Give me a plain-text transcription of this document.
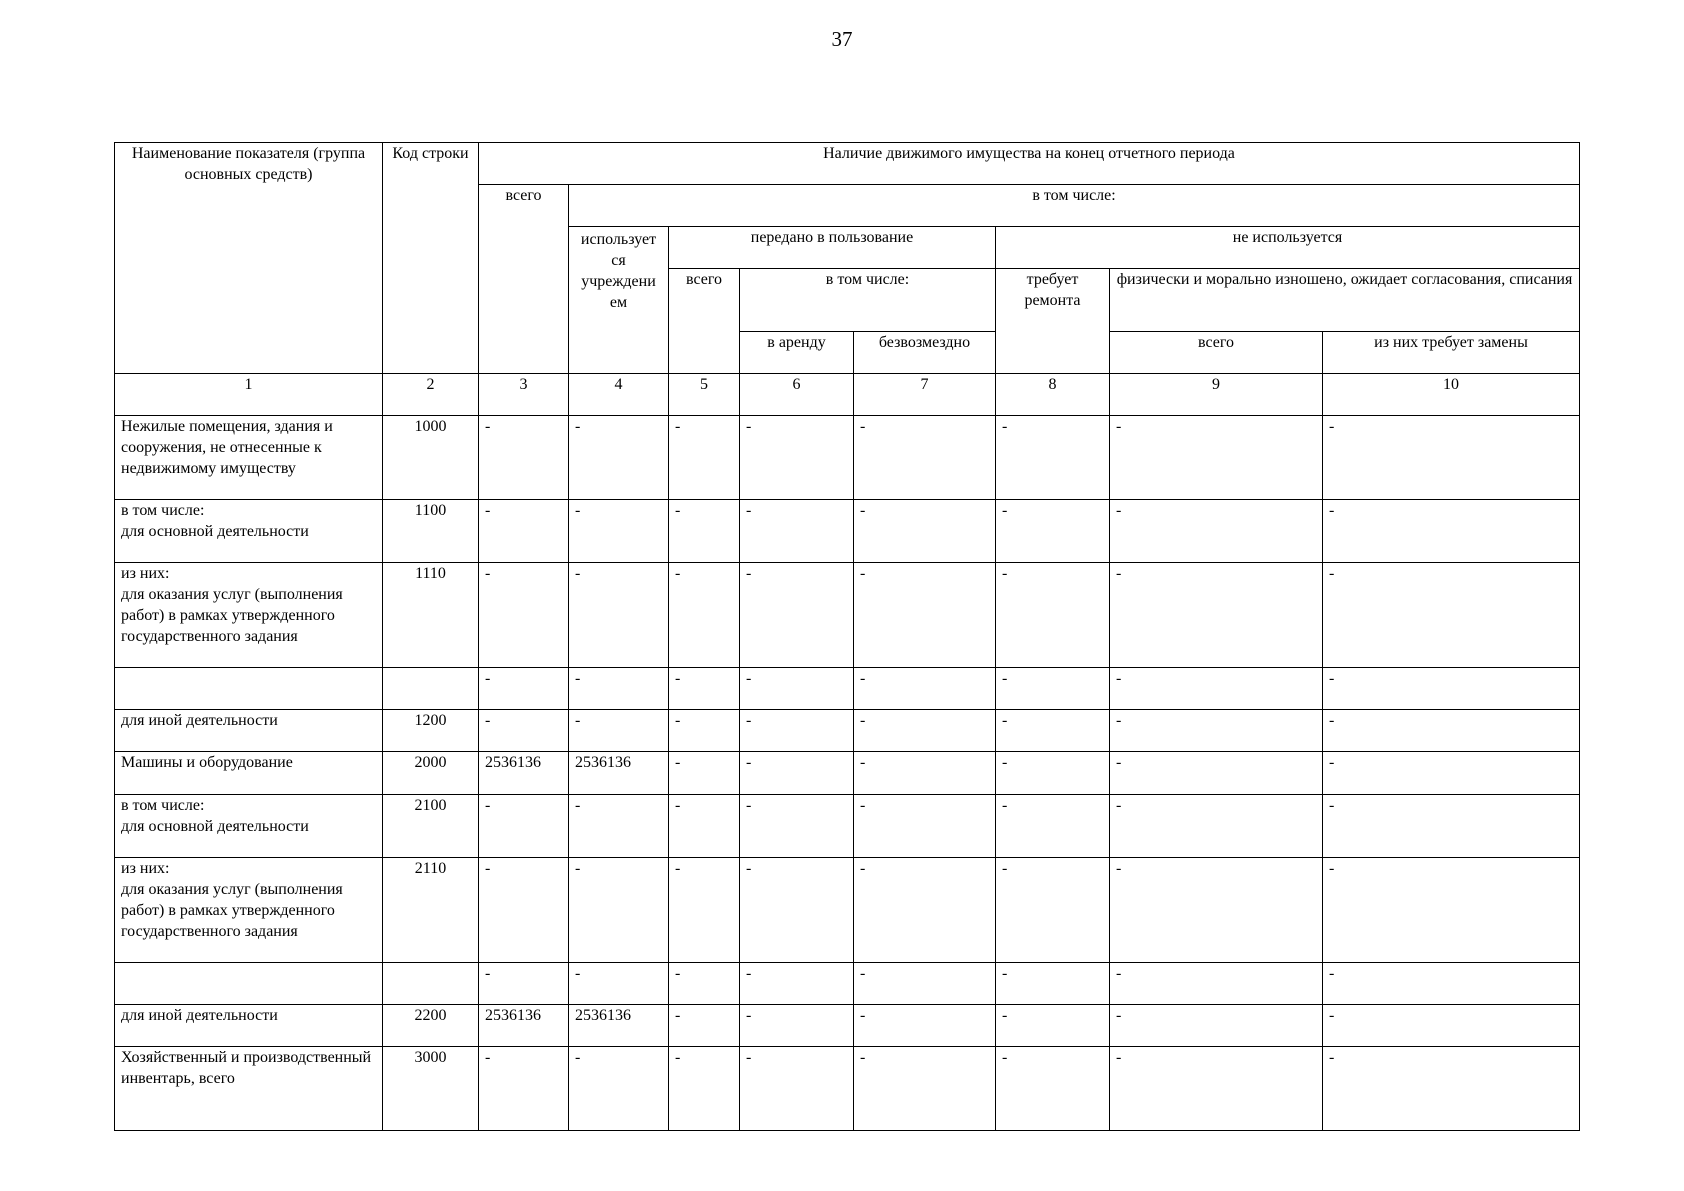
37
Наименование показателя (группа основных средств)	Код строки	Наличие движимого имущества на конец отчетного периода							
		всего	в том числе:						
			использует ся учреждени ем	передано в пользование			не используется		
				всего	в том числе:		требует ремонта	физически и морально изношено, ожидает согласования, списания	
					в аренду	безвозмездно		всего	из них требует замены
1	2	3	4	5	6	7	8	9	10
Нежилые помещения, здания и сооружения, не отнесенные к недвижимому имуществу	1000	-	-	-	-	-	-	-	-
в том числе:
для основной деятельности	1100	-	-	-	-	-	-	-	-
из них:
для оказания услуг (выполнения работ) в рамках утвержденного государственного задания	1110	-	-	-	-	-	-	-	-
		-	-	-	-	-	-	-	-
для иной деятельности	1200	-	-	-	-	-	-	-	-
Машины и оборудование	2000	2536136	2536136	-	-	-	-	-	-
в том числе:
для основной деятельности	2100	-	-	-	-	-	-	-	-
из них:
для оказания услуг (выполнения работ) в рамках утвержденного государственного задания	2110	-	-	-	-	-	-	-	-
		-	-	-	-	-	-	-	-
для иной деятельности	2200	2536136	2536136	-	-	-	-	-	-
Хозяйственный и производственный инвентарь, всего	3000	-	-	-	-	-	-	-	-
